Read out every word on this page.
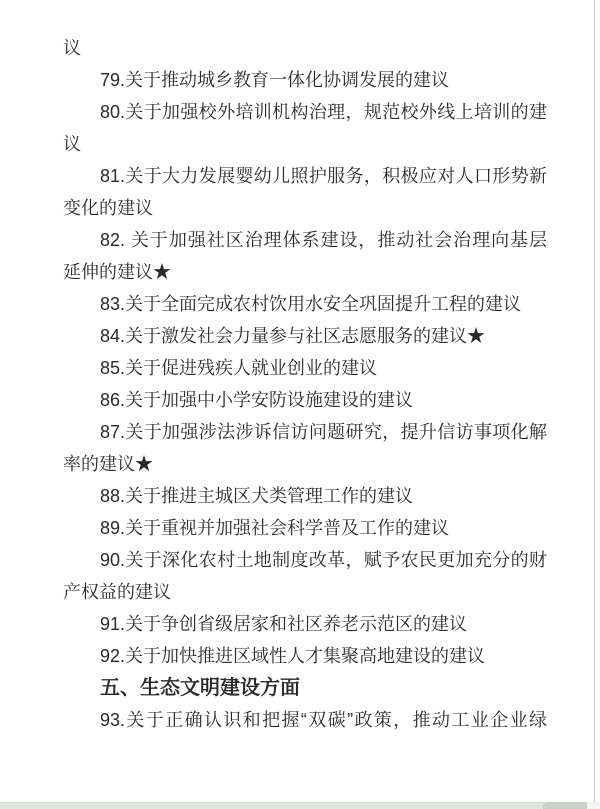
议
79.关于推动城乡教育一体化协调发展的建议
80.关于加强校外培训机构治理，规范校外线上培训的建
议
81.关于大力发展婴幼儿照护服务，积极应对人口形势新
变化的建议
82. 关于加强社区治理体系建设，推动社会治理向基层
延伸的建议★
83.关于全面完成农村饮用水安全巩固提升工程的建议
84.关于激发社会力量参与社区志愿服务的建议★
85.关于促进残疾人就业创业的建议
86.关于加强中小学安防设施建设的建议
87.关于加强涉法涉诉信访问题研究，提升信访事项化解
率的建议★
88.关于推进主城区犬类管理工作的建议
89.关于重视并加强社会科学普及工作的建议
90.关于深化农村土地制度改革，赋予农民更加充分的财
产权益的建议
91.关于争创省级居家和社区养老示范区的建议
92.关于加快推进区域性人才集聚高地建设的建议
五、生态文明建设方面
93.关于正确认识和把握“双碳”政策，推动工业企业绿
